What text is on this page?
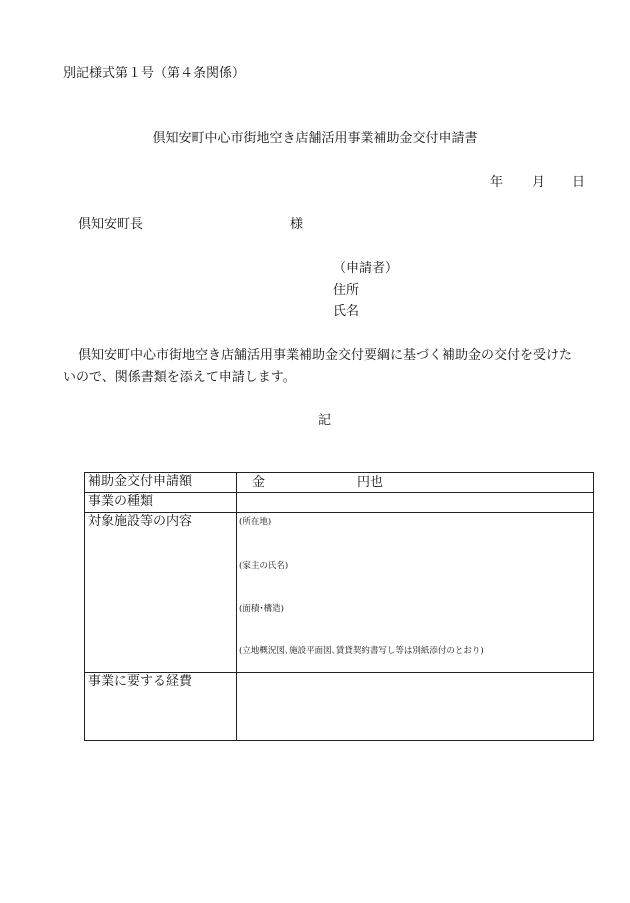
別記様式第１号（第４条関係）
倶知安町中心市街地空き店舗活用事業補助金交付申請書
年 月 日
倶知安町長	様
（申請者）
住所
氏名
倶知安町中心市街地空き店舗活用事業補助金交付要綱に基づく補助金の交付を受けた
いので、関係書類を添えて申請します。
記
補助金交付申請額	金 円也

事業の種類	
対象施設等の内容	(所在地)
(家主の氏名)
(面積･構造)
(立地概況図､施設平面図､賃貸契約書写し等は別紙添付のとおり)

事業に要する経費	
